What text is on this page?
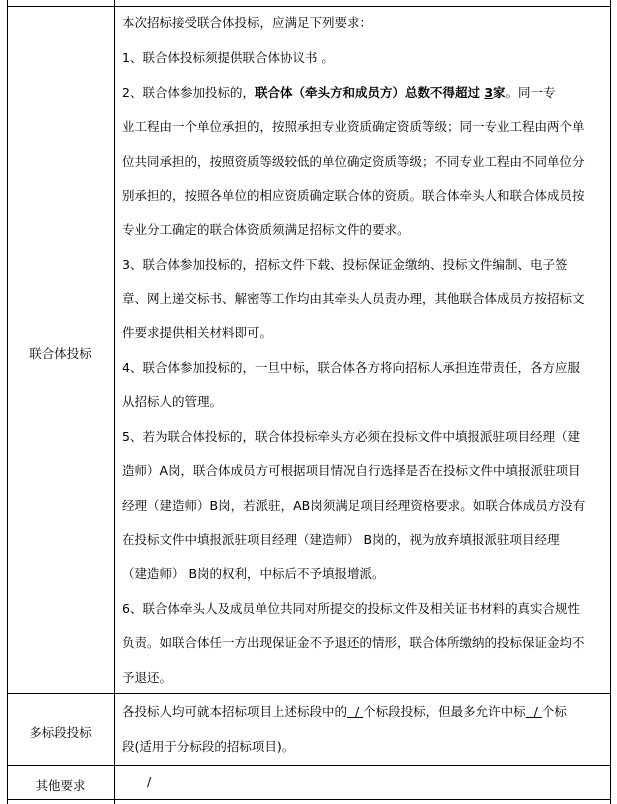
联合体投标
本次招标接受联合体投标，应满足下列要求：
1、联合体投标须提供联合体协议书 。
2、联合体参加投标的，联合体（牵头方和成员方）总数不得超过 3家。同一专
业工程由一个单位承担的，按照承担专业资质确定资质等级；同一专业工程由两个单
位共同承担的，按照资质等级较低的单位确定资质等级；不同专业工程由不同单位分
别承担的，按照各单位的相应资质确定联合体的资质。联合体牵头人和联合体成员按
专业分工确定的联合体资质须满足招标文件的要求。
3、联合体参加投标的，招标文件下载、投标保证金缴纳、投标文件编制、电子签
章、网上递交标书、解密等工作均由其牵头人员责办理，其他联合体成员方按招标文
件要求提供相关材料即可。
4、联合体参加投标的，一旦中标，联合体各方将向招标人承担连带责任，各方应服
从招标人的管理。
5、若为联合体投标的，联合体投标牵头方必须在投标文件中填报派驻项目经理（建
造师）A岗，联合体成员方可根据项目情况自行选择是否在投标文件中填报派驻项目
经理（建造师）B岗，若派驻，AB岗须满足项目经理资格要求。如联合体成员方没有
在投标文件中填报派驻项目经理（建造师） B岗的，视为放弃填报派驻项目经理
（建造师） B岗的权利，中标后不予填报增派。
6、联合体牵头人及成员单位共同对所提交的投标文件及相关证书材料的真实合规性
负责。如联合体任一方出现保证金不予退还的情形，联合体所缴纳的投标保证金均不
予退还。
多标段投标
各投标人均可就本招标项目上述标段中的 / 个标段投标，但最多允许中标 / 个标
段(适用于分标段的招标项目)。
其他要求	/
